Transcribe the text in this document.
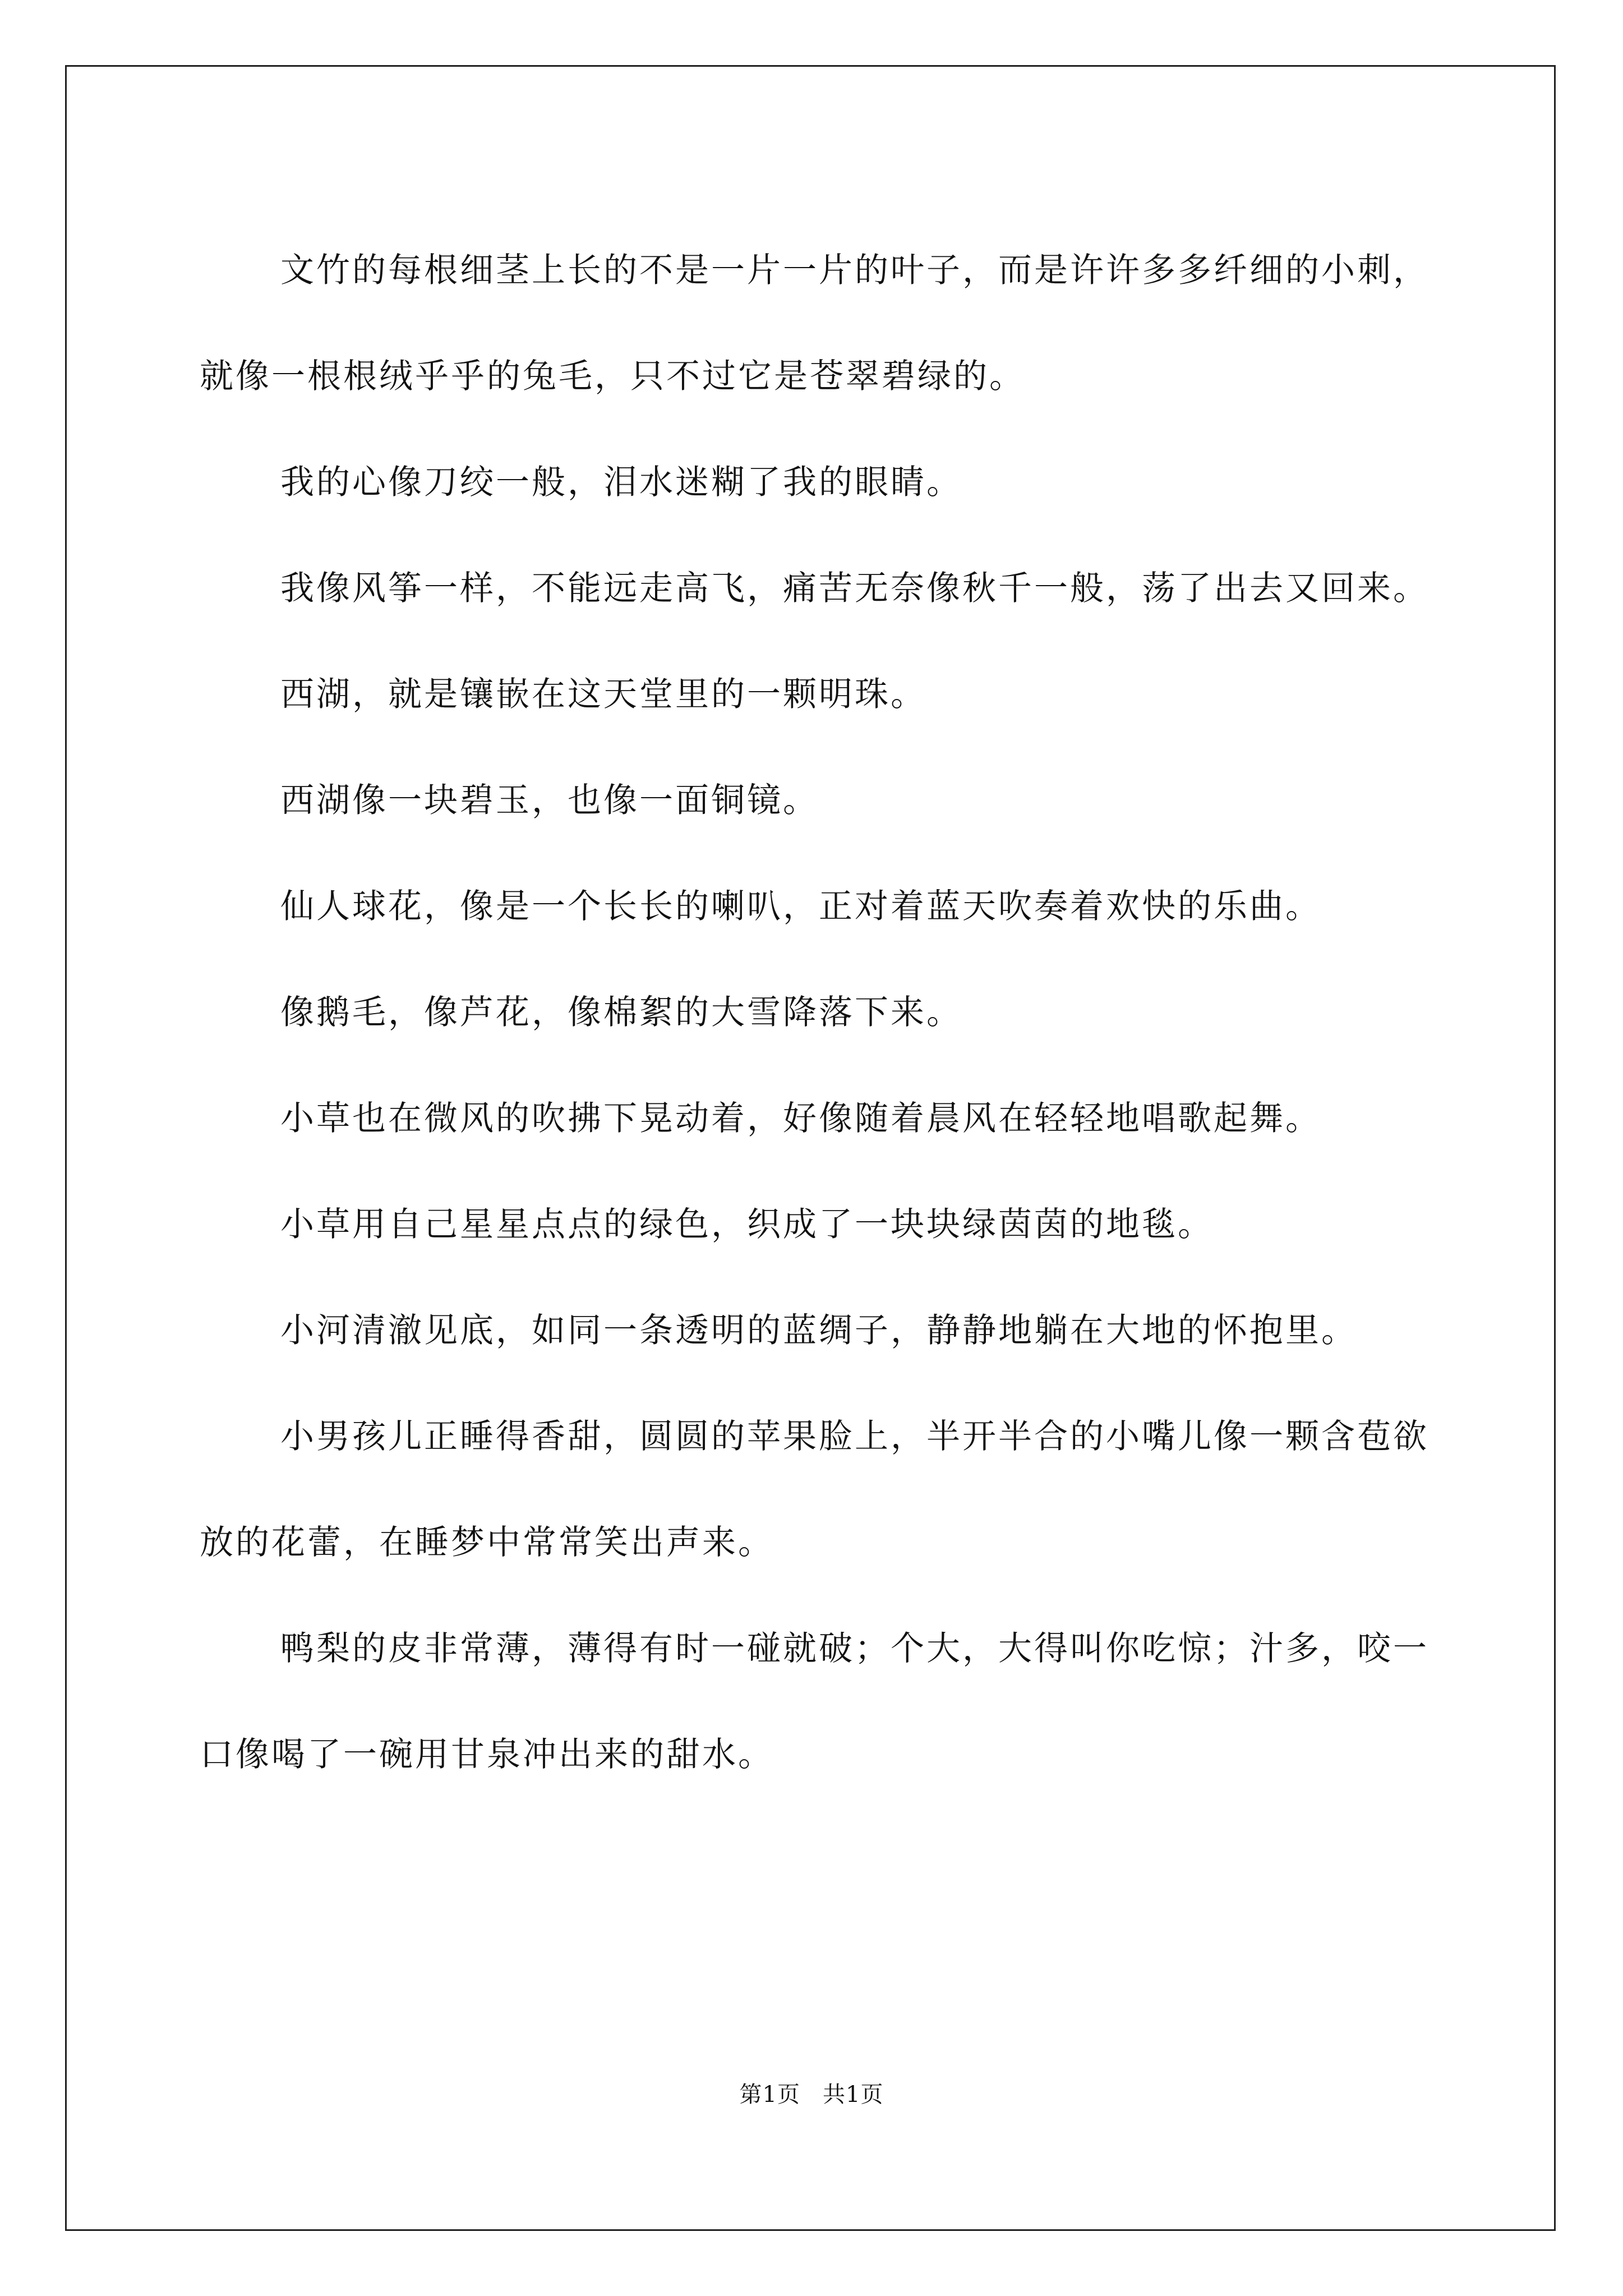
文竹的每根细茎上长的不是一片一片的叶子，而是许许多多纤细的小刺，就像一根根绒乎乎的兔毛，只不过它是苍翠碧绿的。

我的心像刀绞一般，泪水迷糊了我的眼睛。

我像风筝一样，不能远走高飞，痛苦无奈像秋千一般，荡了出去又回来。

西湖，就是镶嵌在这天堂里的一颗明珠。

西湖像一块碧玉，也像一面铜镜。

仙人球花，像是一个长长的喇叭，正对着蓝天吹奏着欢快的乐曲。

像鹅毛，像芦花，像棉絮的大雪降落下来。

小草也在微风的吹拂下晃动着，好像随着晨风在轻轻地唱歌起舞。

小草用自己星星点点的绿色，织成了一块块绿茵茵的地毯。

小河清澈见底，如同一条透明的蓝绸子，静静地躺在大地的怀抱里。

小男孩儿正睡得香甜，圆圆的苹果脸上，半开半合的小嘴儿像一颗含苞欲放的花蕾，在睡梦中常常笑出声来。

鸭梨的皮非常薄，薄得有时一碰就破；个大，大得叫你吃惊；汁多，咬一口像喝了一碗用甘泉冲出来的甜水。

第1页 共1页
